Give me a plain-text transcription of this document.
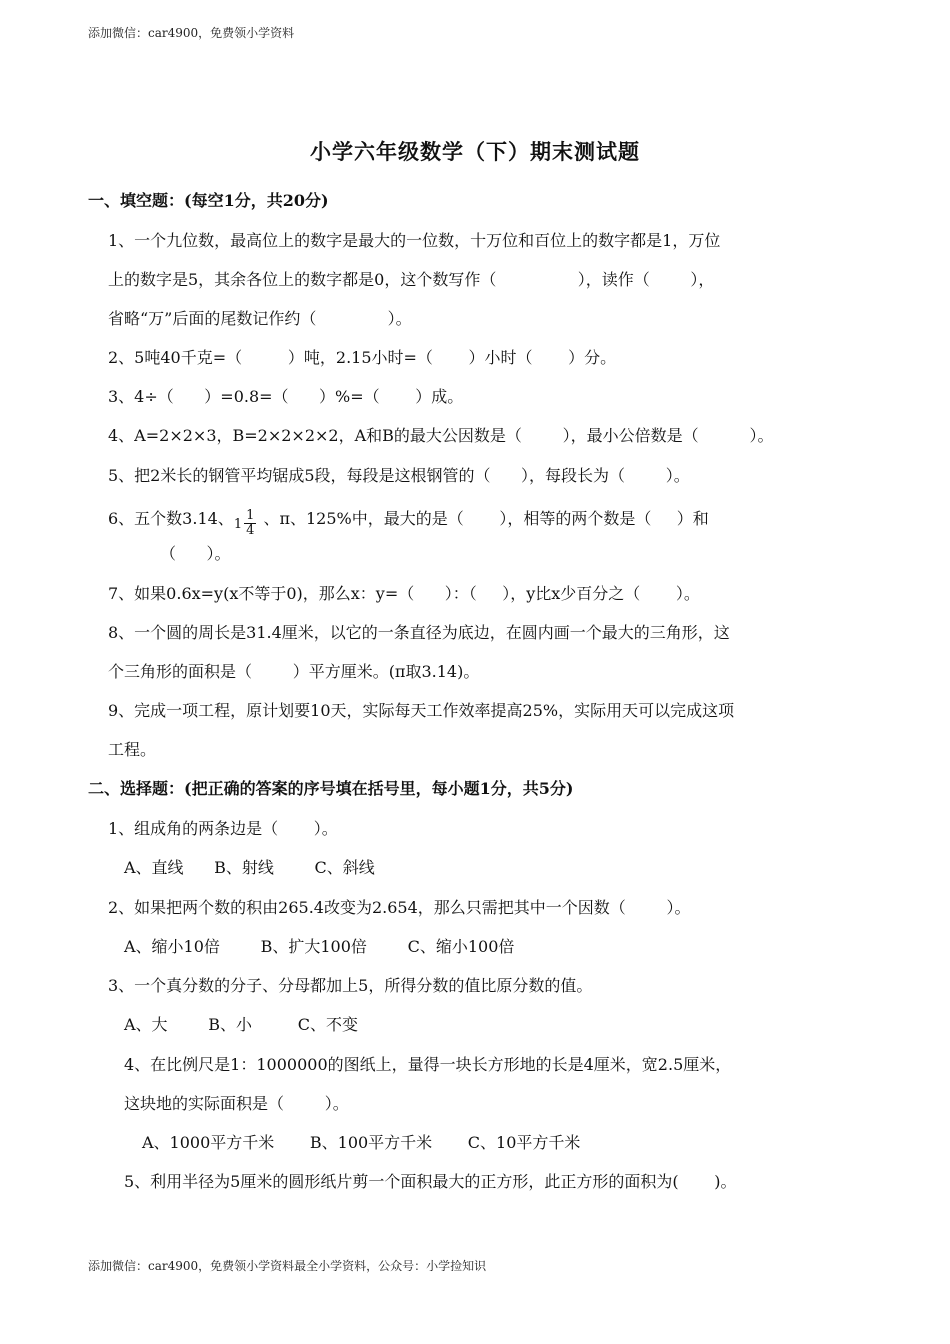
添加微信：car4900，免费领小学资料
小学六年级数学（下）期末测试题
一、填空题：(每空1分，共20分)
1、一个九位数，最高位上的数字是最大的一位数，十万位和百位上的数字都是1，万位
上的数字是5，其余各位上的数字都是0，这个数写作（                ），读作（        ），
省略“万”后面的尾数记作约（              ）。
2、5吨40千克=（         ）吨，2.15小时=（       ）小时（       ）分。
3、4÷（      ）=0.8=（      ）%=（       ）成。
4、A=2×2×3，B=2×2×2×2，A和B的最大公因数是（        ），最小公倍数是（          ）。
5、把2米长的钢管平均锯成5段，每段是这根钢管的（      ），每段长为（        ）。
6、五个数3.14、$_1 \frac{1}{4}$ 、π、125%中，最大的是（       ），相等的两个数是（     ）和
（      ）。
7、如果0.6x=y(x不等于0)，那么x：y=（      ）：（     ），y比x少百分之（       ）。
8、一个圆的周长是31.4厘米，以它的一条直径为底边，在圆内画一个最大的三角形，这
个三角形的面积是（        ）平方厘米。(π取3.14)。
9、完成一项工程，原计划要10天，实际每天工作效率提高25%，实际用天可以完成这项
工程。
二、选择题：(把正确的答案的序号填在括号里，每小题1分，共5分)
1、组成角的两条边是（       ）。
A、直线      B、射线        C、斜线
2、如果把两个数的积由265.4改变为2.654，那么只需把其中一个因数（        ）。
A、缩小10倍        B、扩大100倍        C、缩小100倍
3、一个真分数的分子、分母都加上5，所得分数的值比原分数的值。
A、大        B、小         C、不变
4、在比例尺是1：1000000的图纸上，量得一块长方形地的长是4厘米，宽2.5厘米，
这块地的实际面积是（        ）。
A、1000平方千米       B、100平方千米       C、10平方千米
5、利用半径为5厘米的圆形纸片剪一个面积最大的正方形，此正方形的面积为(       )。
添加微信：car4900，免费领小学资料最全小学资料，公众号：小学捡知识
